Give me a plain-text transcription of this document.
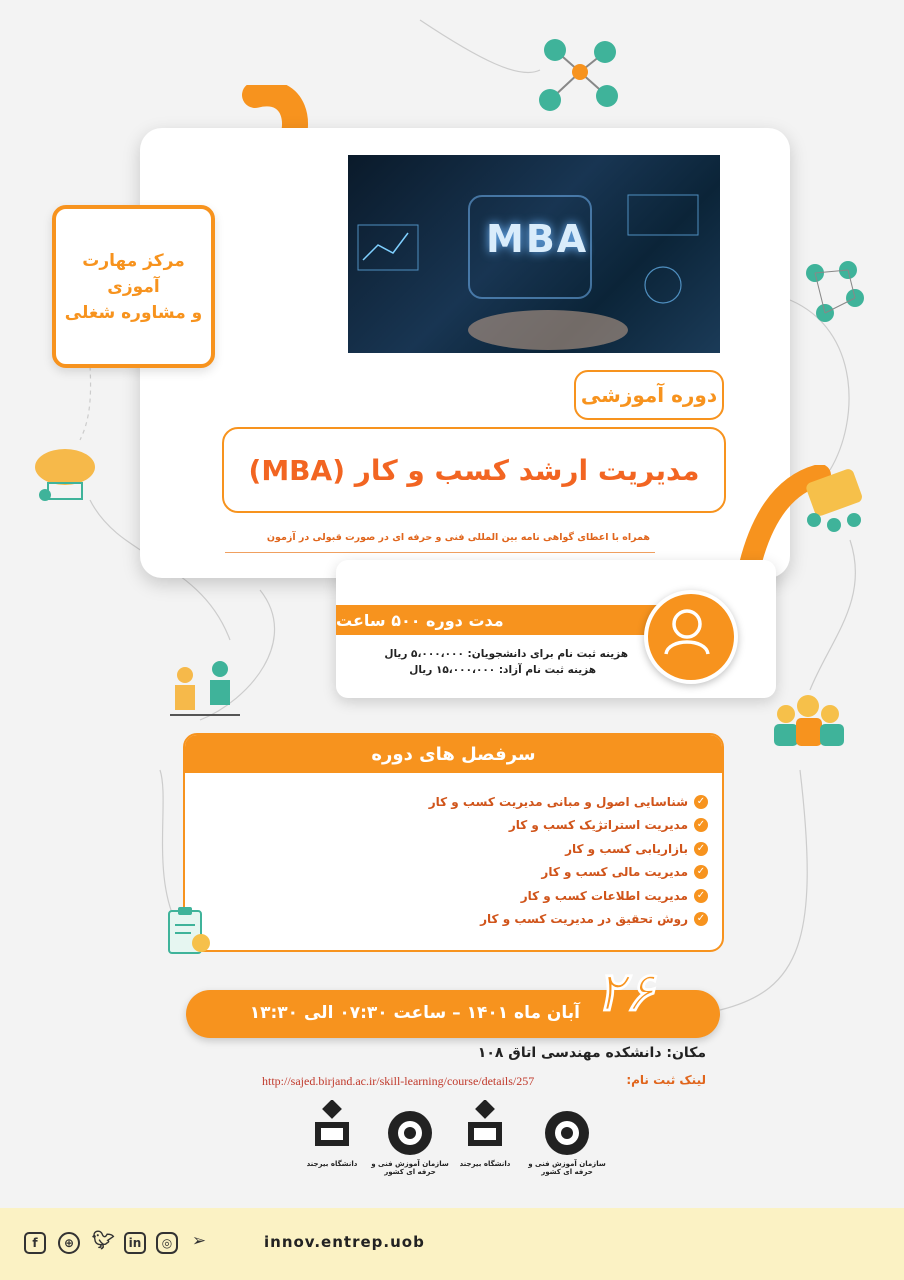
MBA
مرکز مهارت آموزی
و مشاوره شغلی
دوره آموزشی
مدیریت ارشد کسب و کار (MBA)
همراه با اعطای گواهی نامه بین المللی فنی و حرفه ای در صورت قبولی در آزمون
مدت دوره ۵۰۰ ساعت
هزینه ثبت نام برای دانشجویان: ۵،۰۰۰،۰۰۰ ریال
هزینه ثبت نام آزاد: ۱۵،۰۰۰،۰۰۰ ریال
سرفصل های دوره
✓
شناسایی اصول و مبانی مدیریت کسب و کار
✓
مدیریت استراتژیک کسب و کار
✓
بازاریابی کسب و کار
✓
مدیریت مالی کسب و کار
✓
مدیریت اطلاعات کسب و کار
✓
روش تحقیق در مدیریت کسب و کار
آبان ماه ۱۴۰۱ – ساعت ۰۷:۳۰ الی ۱۳:۳۰ ۲۶
مکان: دانشکده مهندسی اتاق ۱۰۸
لینک ثبت نام:
http://sajed.birjand.ac.ir/skill-learning/course/details/257
سازمان آموزش فنی و حرفه ای کشور
دانشگاه بیرجند
سازمان آموزش فنی و حرفه ای کشور
دانشگاه بیرجند
f	⊕ 🐦︎	in	◎	➢	innov.entrep.uob
